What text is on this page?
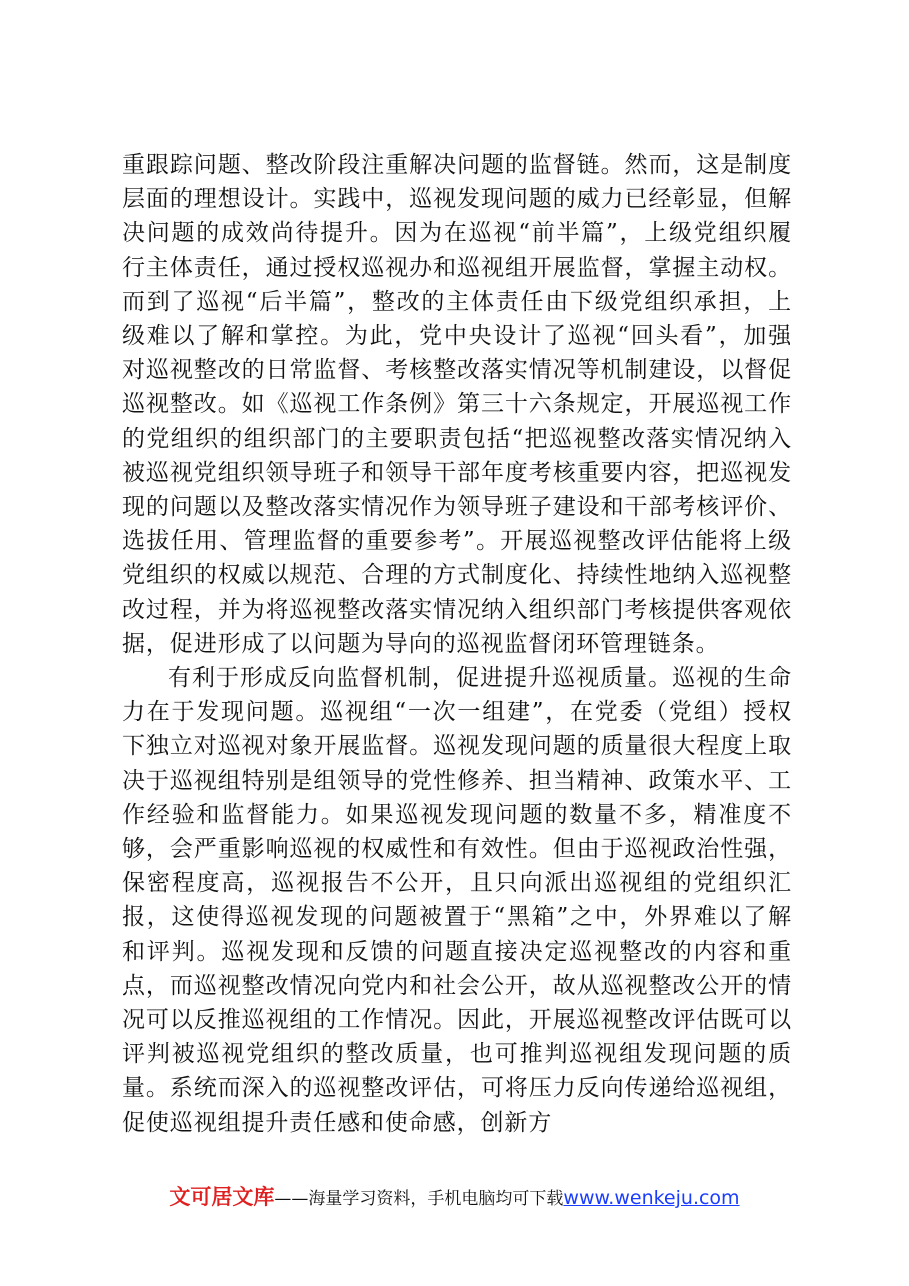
重跟踪问题、整改阶段注重解决问题的监督链。然而，这是制度层面的理想设计。实践中，巡视发现问题的威力已经彰显，但解决问题的成效尚待提升。因为在巡视“前半篇”，上级党组织履行主体责任，通过授权巡视办和巡视组开展监督，掌握主动权。而到了巡视“后半篇”，整改的主体责任由下级党组织承担，上级难以了解和掌控。为此，党中央设计了巡视“回头看”，加强对巡视整改的日常监督、考核整改落实情况等机制建设，以督促巡视整改。如《巡视工作条例》第三十六条规定，开展巡视工作的党组织的组织部门的主要职责包括“把巡视整改落实情况纳入被巡视党组织领导班子和领导干部年度考核重要内容，把巡视发现的问题以及整改落实情况作为领导班子建设和干部考核评价、选拔任用、管理监督的重要参考”。开展巡视整改评估能将上级党组织的权威以规范、合理的方式制度化、持续性地纳入巡视整改过程，并为将巡视整改落实情况纳入组织部门考核提供客观依据，促进形成了以问题为导向的巡视监督闭环管理链条。

有利于形成反向监督机制，促进提升巡视质量。巡视的生命力在于发现问题。巡视组“一次一组建”，在党委（党组）授权下独立对巡视对象开展监督。巡视发现问题的质量很大程度上取决于巡视组特别是组领导的党性修养、担当精神、政策水平、工作经验和监督能力。如果巡视发现问题的数量不多，精准度不够，会严重影响巡视的权威性和有效性。但由于巡视政治性强，保密程度高，巡视报告不公开，且只向派出巡视组的党组织汇报，这使得巡视发现的问题被置于“黑箱”之中，外界难以了解和评判。巡视发现和反馈的问题直接决定巡视整改的内容和重点，而巡视整改情况向党内和社会公开，故从巡视整改公开的情况可以反推巡视组的工作情况。因此，开展巡视整改评估既可以评判被巡视党组织的整改质量，也可推判巡视组发现问题的质量。系统而深入的巡视整改评估，可将压力反向传递给巡视组，促使巡视组提升责任感和使命感，创新方

文可居文库——海量学习资料，手机电脑均可下载www.wenkeju.com
